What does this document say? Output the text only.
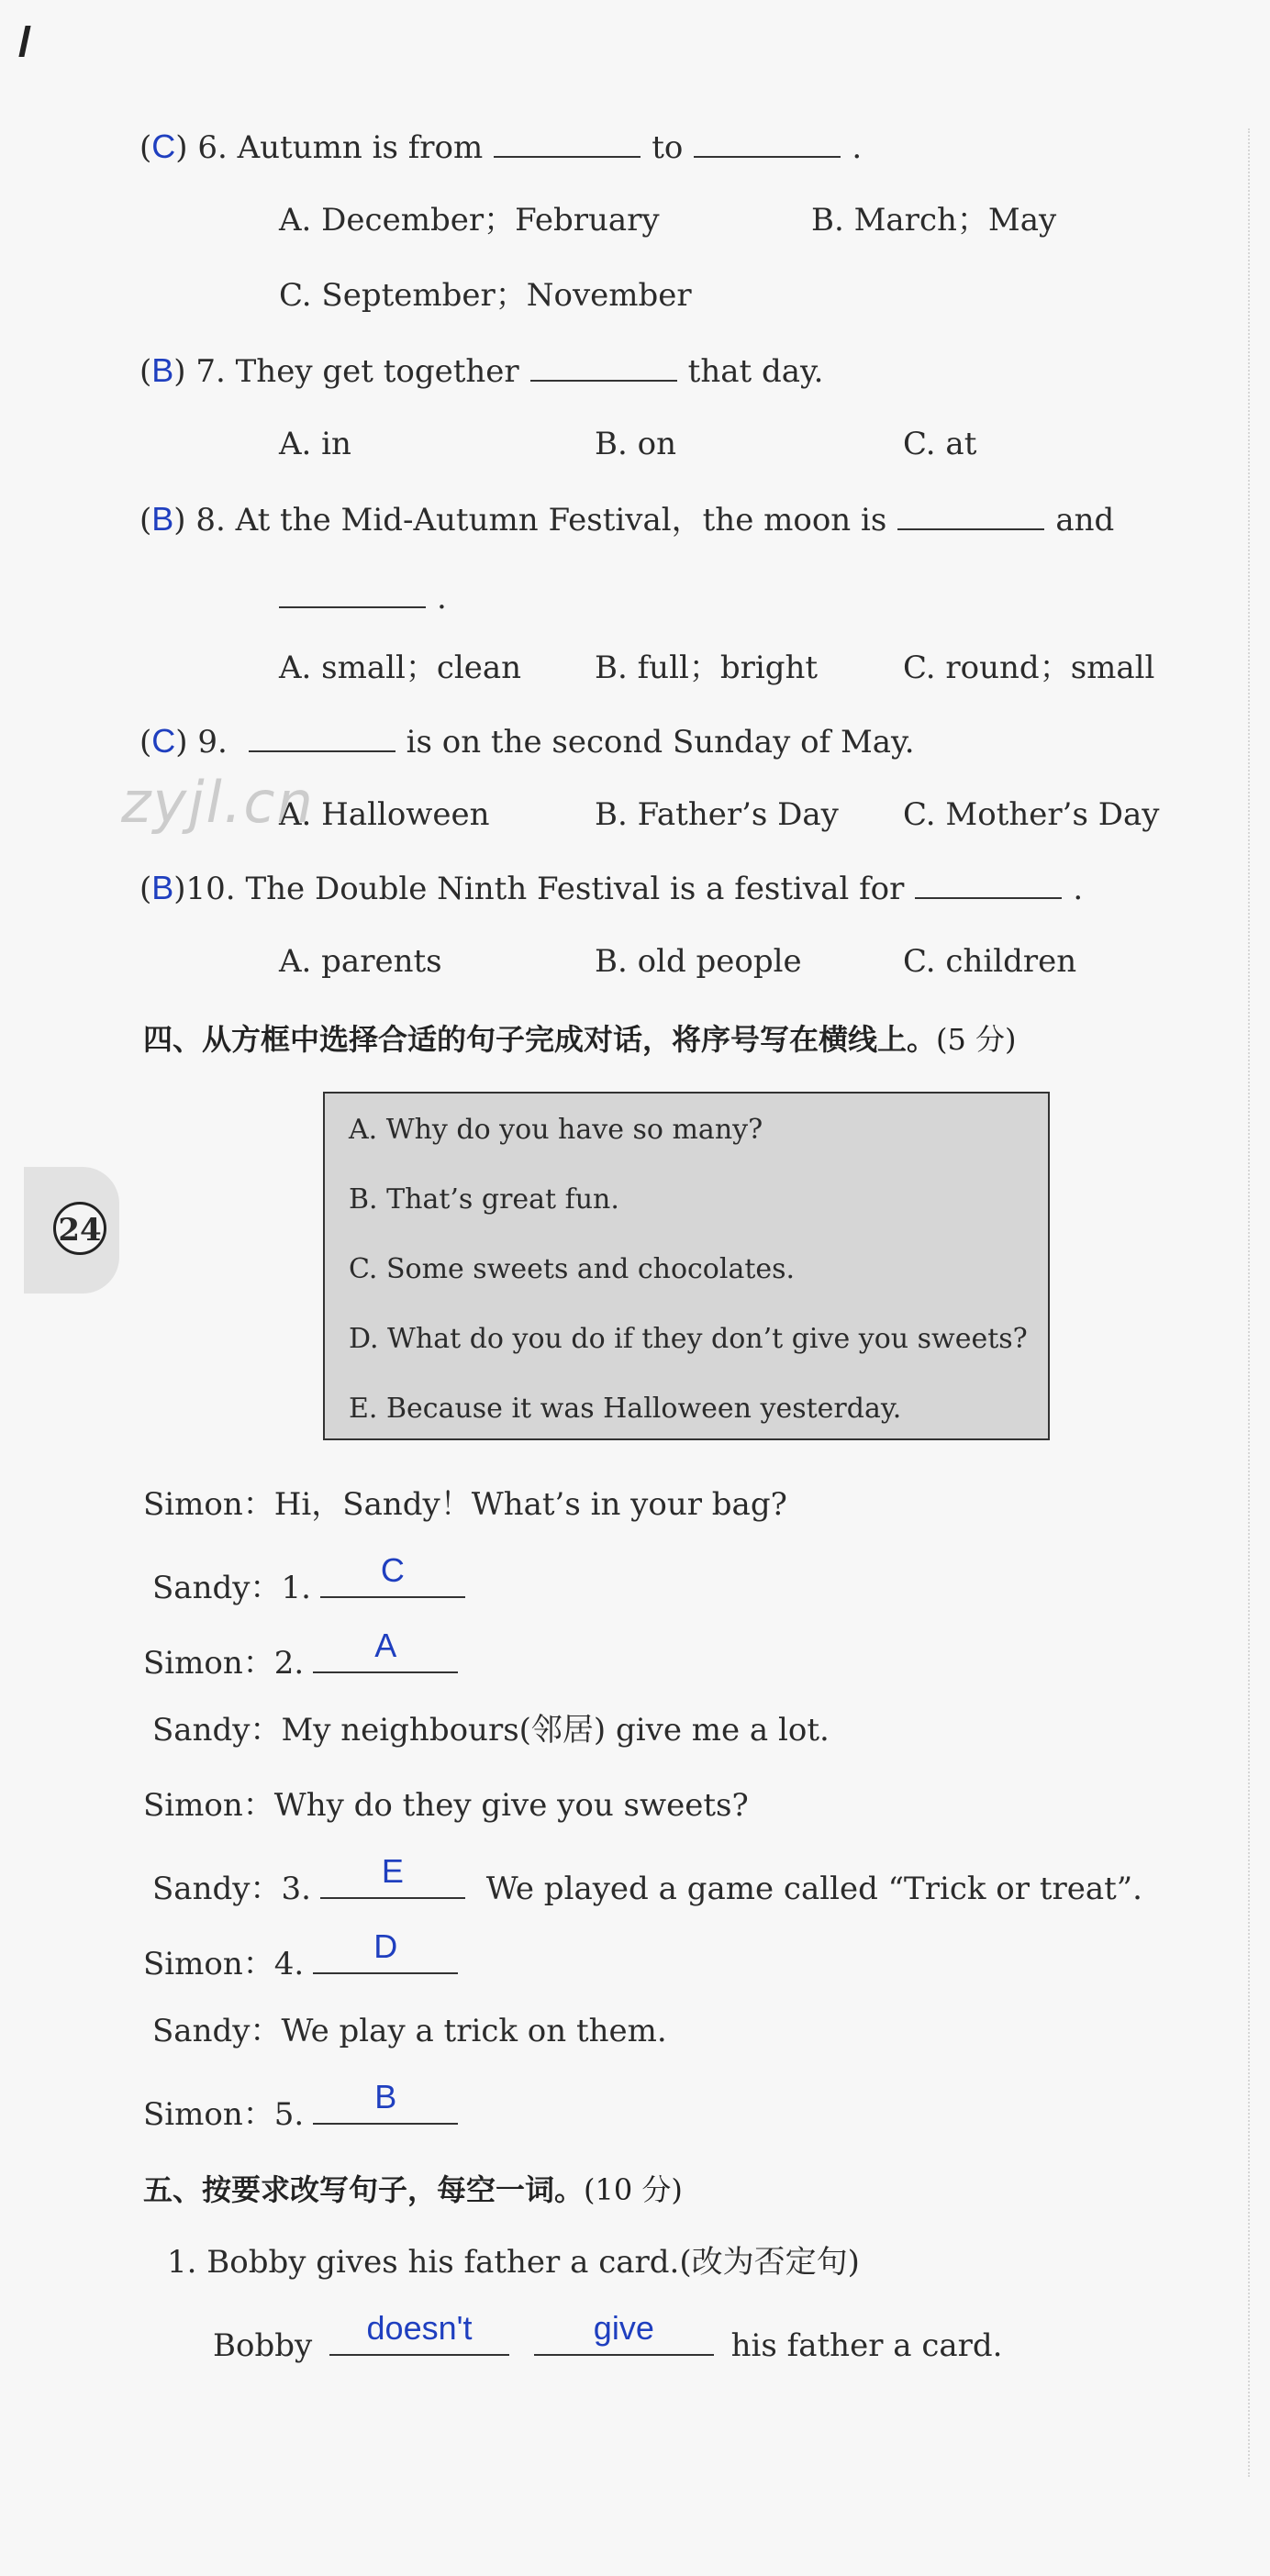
(C) 6. Autumn is from	to	.
A. December；February	B. March；May
C. September；November
(B) 7. They get together	that day.
A. in	B. on	C. at
(B) 8. At the Mid-Autumn Festival，the moon is	and
.
A. small；clean B. full；bright	C. round；small
(C) 9.	is on the second Sunday of May.
zyjl.cn
A. Halloween	B. Father’s Day C. Mother’s Day
(B)10. The Double Ninth Festival is a festival for	.
A. parents	B. old people	C. children
四、从方框中选择合适的句子完成对话，将序号写在横线上。(5 分)
A. Why do you have so many?
B. That’s great fun.
C. Some sweets and chocolates.
D. What do you do if they don’t give you sweets?
E. Because it was Halloween yesterday.
24
Simon：Hi，Sandy！What’s in your bag?
Sandy：1.	C
Simon：2.	A
Sandy：My neighbours(邻居) give me a lot.
Simon：Why do they give you sweets?
Sandy：3.	E	We played a game called “Trick or treat”.
Simon：4.	D
Sandy：We play a trick on them.
Simon：5.	B
五、按要求改写句子，每空一词。(10 分)
1. Bobby gives his father a card.(改为否定句)
Bobby	doesn't
	give	his father a card.
